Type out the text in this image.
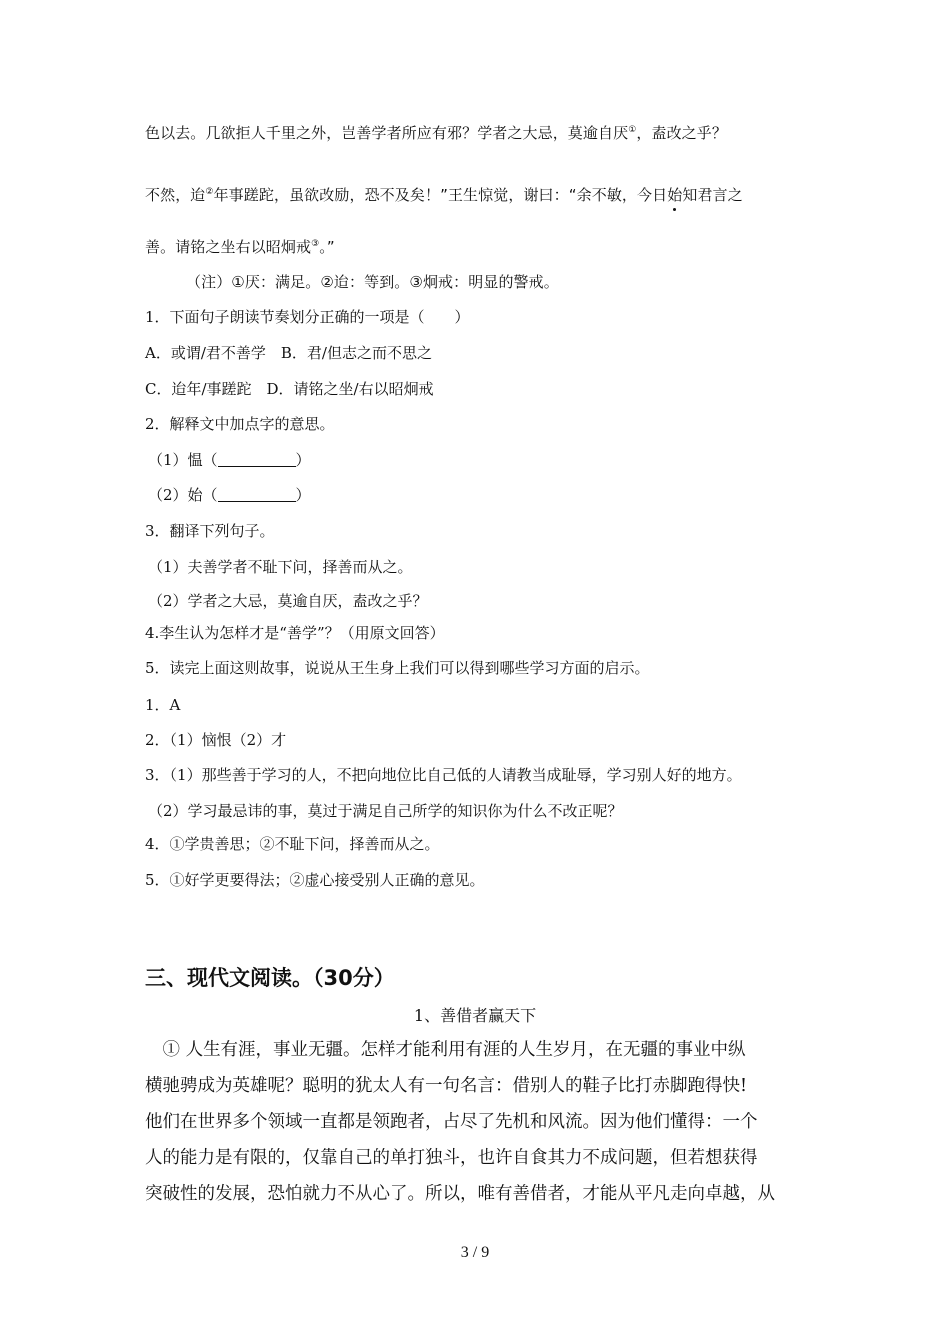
色以去。几欲拒人千里之外，岂善学者所应有邪？学者之大忌，莫逾自厌①，盍改之乎？

不然，迨②年事蹉跎，虽欲改励，恐不及矣！”王生惊觉，谢曰：“余不敏，今日始知君言之

善。请铭之坐右以昭炯戒③。”

（注）①厌：满足。②迨：等到。③炯戒：明显的警戒。

1．下面句子朗读节奏划分正确的一项是（　　）

A．或谓/君不善学　B．君/但志之而不思之

C．迨年/事蹉跎　D．请铭之坐/右以昭炯戒

2．解释文中加点字的意思。

（1）愠（	）

（2）始（	）

3．翻译下列句子。

（1）夫善学者不耻下问，择善而从之。

（2）学者之大忌，莫逾自厌，盍改之乎？

4.李生认为怎样才是“善学”？（用原文回答）

5．读完上面这则故事，说说从王生身上我们可以得到哪些学习方面的启示。

1．A

2．（1）恼恨（2）才

3．（1）那些善于学习的人，不把向地位比自己低的人请教当成耻辱，学习别人好的地方。

（2）学习最忌讳的事，莫过于满足自己所学的知识你为什么不改正呢？

4．①学贵善思；②不耻下问，择善而从之。

5．①好学更要得法；②虚心接受别人正确的意见。

三、现代文阅读。（30分）

1、善借者赢天下

　① 人生有涯，事业无疆。怎样才能利用有涯的人生岁月，在无疆的事业中纵

横驰骋成为英雄呢？聪明的犹太人有一句名言：借别人的鞋子比打赤脚跑得快!

他们在世界多个领域一直都是领跑者，占尽了先机和风流。因为他们懂得：一个

人的能力是有限的，仅靠自己的单打独斗，也许自食其力不成问题，但若想获得

突破性的发展，恐怕就力不从心了。所以，唯有善借者，才能从平凡走向卓越，从

3 / 9
